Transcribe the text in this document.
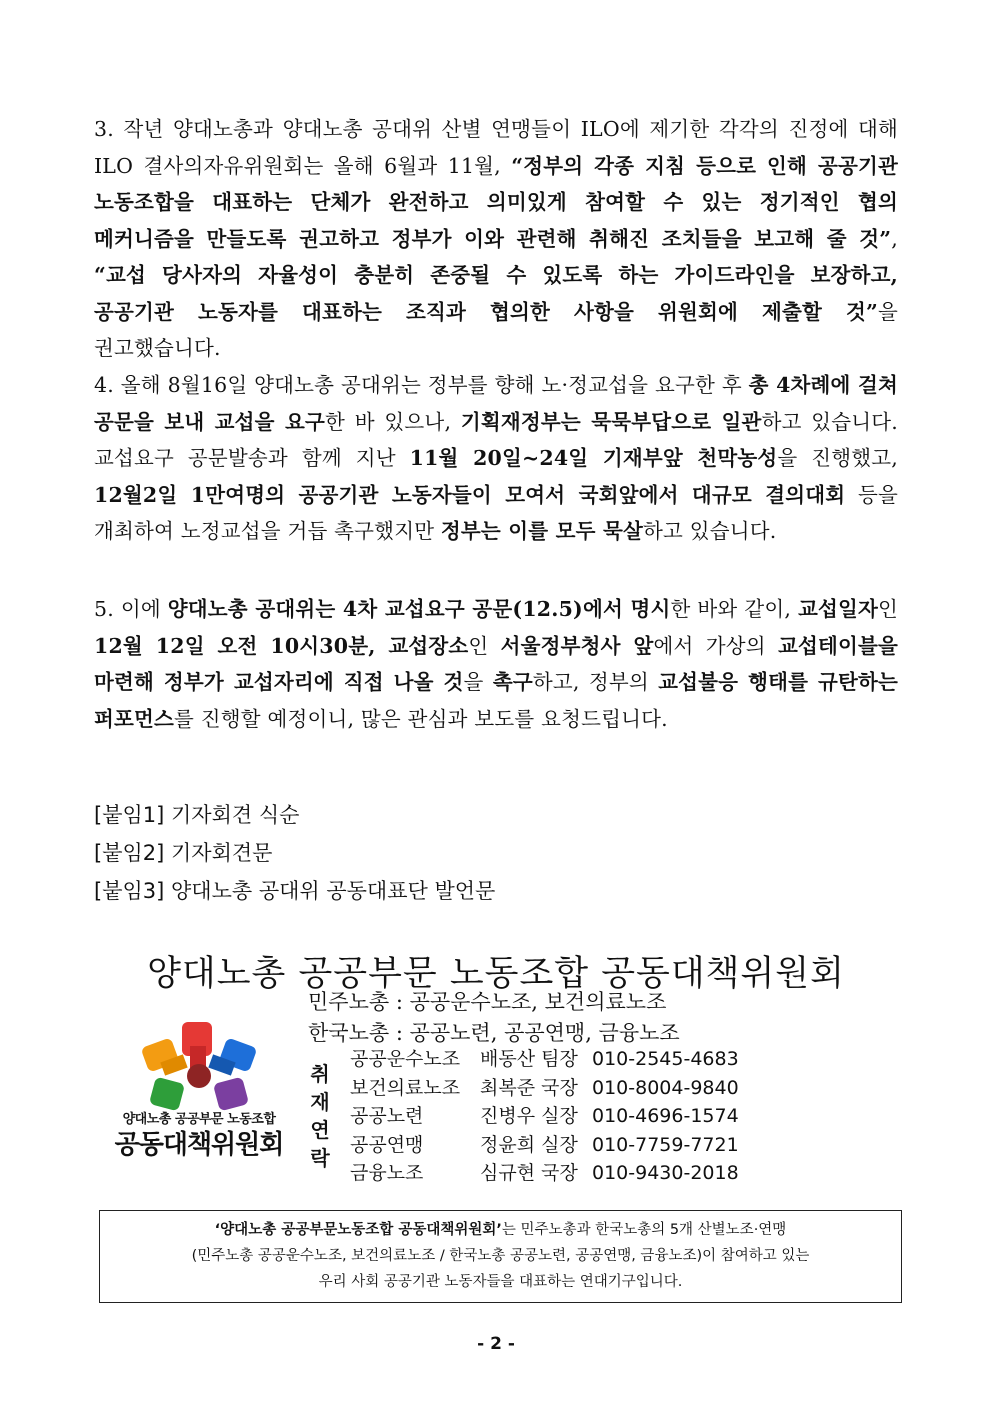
3. 작년 양대노총과 양대노총 공대위 산별 연맹들이 ILO에 제기한 각각의 진정에 대해 ILO 결사의자유위원회는 올해 6월과 11월, “정부의 각종 지침 등으로 인해 공공기관 노동조합을 대표하는 단체가 완전하고 의미있게 참여할 수 있는 정기적인 협의 메커니즘을 만들도록 권고하고 정부가 이와 관련해 취해진 조치들을 보고해 줄 것”, “교섭 당사자의 자율성이 충분히 존중될 수 있도록 하는 가이드라인을 보장하고, 공공기관 노동자를 대표하는 조직과 협의한 사항을 위원회에 제출할 것”을 권고했습니다.
4. 올해 8월16일 양대노총 공대위는 정부를 향해 노·정교섭을 요구한 후 총 4차례에 걸쳐 공문을 보내 교섭을 요구한 바 있으나, 기획재정부는 묵묵부답으로 일관하고 있습니다. 교섭요구 공문발송과 함께 지난 11월 20일~24일 기재부앞 천막농성을 진행했고, 12월2일 1만여명의 공공기관 노동자들이 모여서 국회앞에서 대규모 결의대회 등을 개최하여 노정교섭을 거듭 촉구했지만 정부는 이를 모두 묵살하고 있습니다.
5. 이에 양대노총 공대위는 4차 교섭요구 공문(12.5)에서 명시한 바와 같이, 교섭일자인 12월 12일 오전 10시30분, 교섭장소인 서울정부청사 앞에서 가상의 교섭테이블을 마련해 정부가 교섭자리에 직접 나올 것을 촉구하고, 정부의 교섭불응 행태를 규탄하는 퍼포먼스를 진행할 예정이니, 많은 관심과 보도를 요청드립니다.
[붙임1] 기자회견 식순
[붙임2] 기자회견문
[붙임3] 양대노총 공대위 공동대표단 발언문
양대노총 공공부문 노동조합 공동대책위원회
민주노총 : 공공운수노조, 보건의료노조
한국노총 : 공공노련, 공공연맹, 금융노조
양대노총 공공부문 노동조합
공동대책위원회
취
재
연
락
공공운수노조	배동산 팀장 010-2545-4683
보건의료노조	최복준 국장 010-8004-9840
공공노련	진병우 실장 010-4696-1574
공공연맹	정윤희 실장 010-7759-7721
금융노조	심규현 국장 010-9430-2018
‘양대노총 공공부문노동조합 공동대책위원회’는 민주노총과 한국노총의 5개 산별노조·연맹
(민주노총 공공운수노조, 보건의료노조 / 한국노총 공공노련, 공공연맹, 금융노조)이 참여하고 있는
우리 사회 공공기관 노동자들을 대표하는 연대기구입니다.
- 2 -
